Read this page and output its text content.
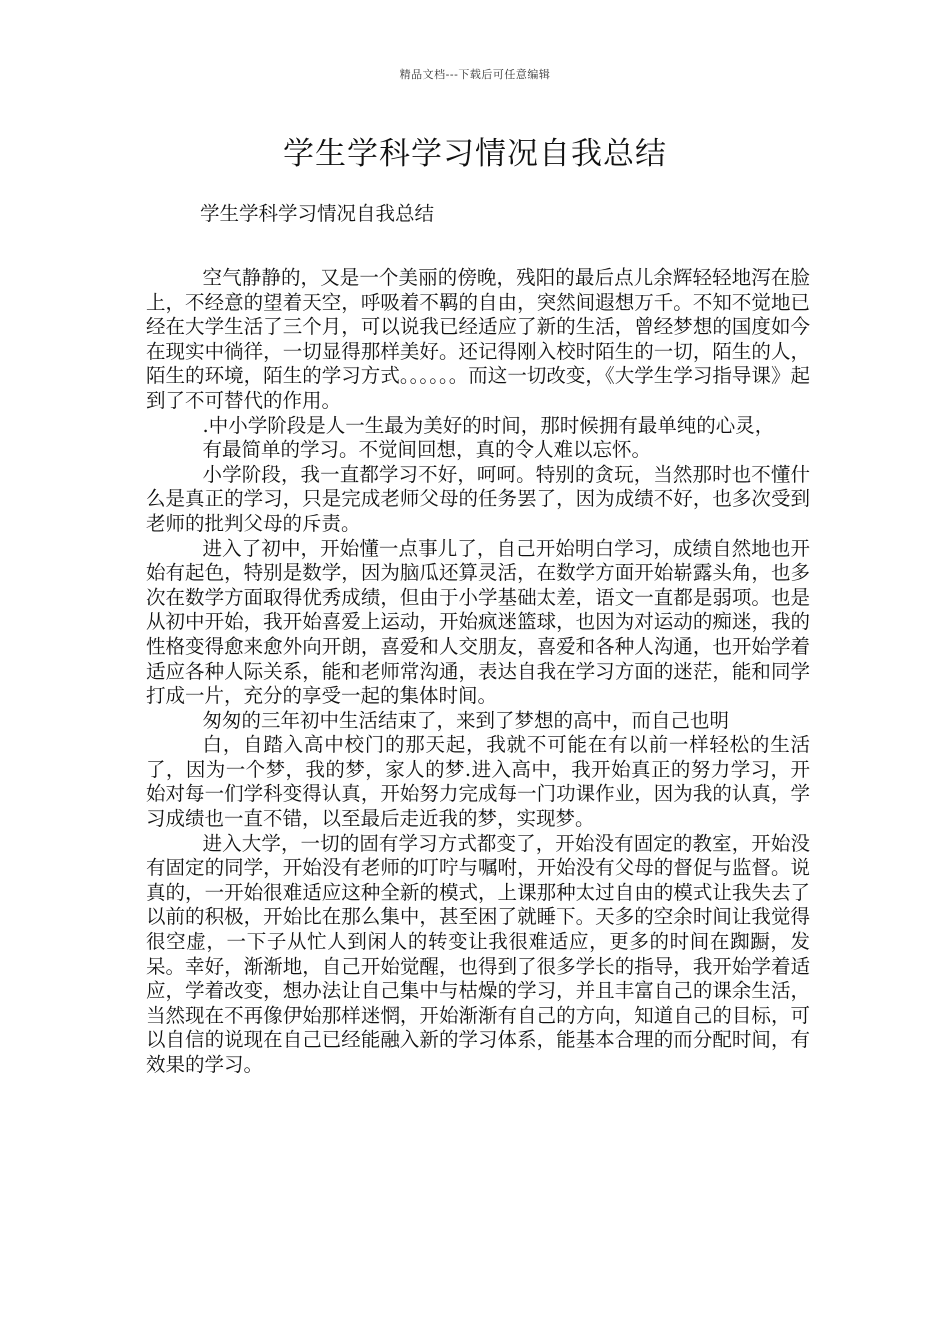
精品文档---下载后可任意编辑
学生学科学习情况自我总结
学生学科学习情况自我总结

空气静静的，又是一个美丽的傍晚，残阳的最后点儿余辉轻轻地泻在脸上，不经意的望着天空，呼吸着不羁的自由，突然间遐想万千。不知不觉地已经在大学生活了三个月，可以说我已经适应了新的生活，曾经梦想的国度如今在现实中徜徉，一切显得那样美好。还记得刚入校时陌生的一切，陌生的人，陌生的环境，陌生的学习方式。。。。。。而这一切改变，《大学生学习指导课》起到了不可替代的作用。

.中小学阶段是人一生最为美好的时间，那时候拥有最单纯的心灵，

有最简单的学习。不觉间回想，真的令人难以忘怀。

小学阶段，我一直都学习不好，呵呵。特别的贪玩，当然那时也不懂什么是真正的学习，只是完成老师父母的任务罢了，因为成绩不好，也多次受到老师的批判父母的斥责。

进入了初中，开始懂一点事儿了，自己开始明白学习，成绩自然地也开始有起色，特别是数学，因为脑瓜还算灵活，在数学方面开始崭露头角，也多次在数学方面取得优秀成绩，但由于小学基础太差，语文一直都是弱项。也是从初中开始，我开始喜爱上运动，开始疯迷篮球，也因为对运动的痴迷，我的性格变得愈来愈外向开朗，喜爱和人交朋友，喜爱和各种人沟通，也开始学着适应各种人际关系，能和老师常沟通，表达自我在学习方面的迷茫，能和同学打成一片，充分的享受一起的集体时间。

匆匆的三年初中生活结束了，来到了梦想的高中，而自己也明

白，自踏入高中校门的那天起，我就不可能在有以前一样轻松的生活了，因为一个梦，我的梦，家人的梦.进入高中，我开始真正的努力学习，开始对每一们学科变得认真，开始努力完成每一门功课作业，因为我的认真，学习成绩也一直不错，以至最后走近我的梦，实现梦。

进入大学，一切的固有学习方式都变了，开始没有固定的教室，开始没有固定的同学，开始没有老师的叮咛与嘱咐，开始没有父母的督促与监督。说真的，一开始很难适应这种全新的模式，上课那种太过自由的模式让我失去了以前的积极，开始比在那么集中，甚至困了就睡下。天多的空余时间让我觉得很空虚，一下子从忙人到闲人的转变让我很难适应，更多的时间在踟蹰，发呆。幸好，渐渐地，自己开始觉醒，也得到了很多学长的指导，我开始学着适应，学着改变，想办法让自己集中与枯燥的学习，并且丰富自己的课余生活，当然现在不再像伊始那样迷惘，开始渐渐有自己的方向，知道自己的目标，可以自信的说现在自己已经能融入新的学习体系，能基本合理的而分配时间，有效果的学习。
